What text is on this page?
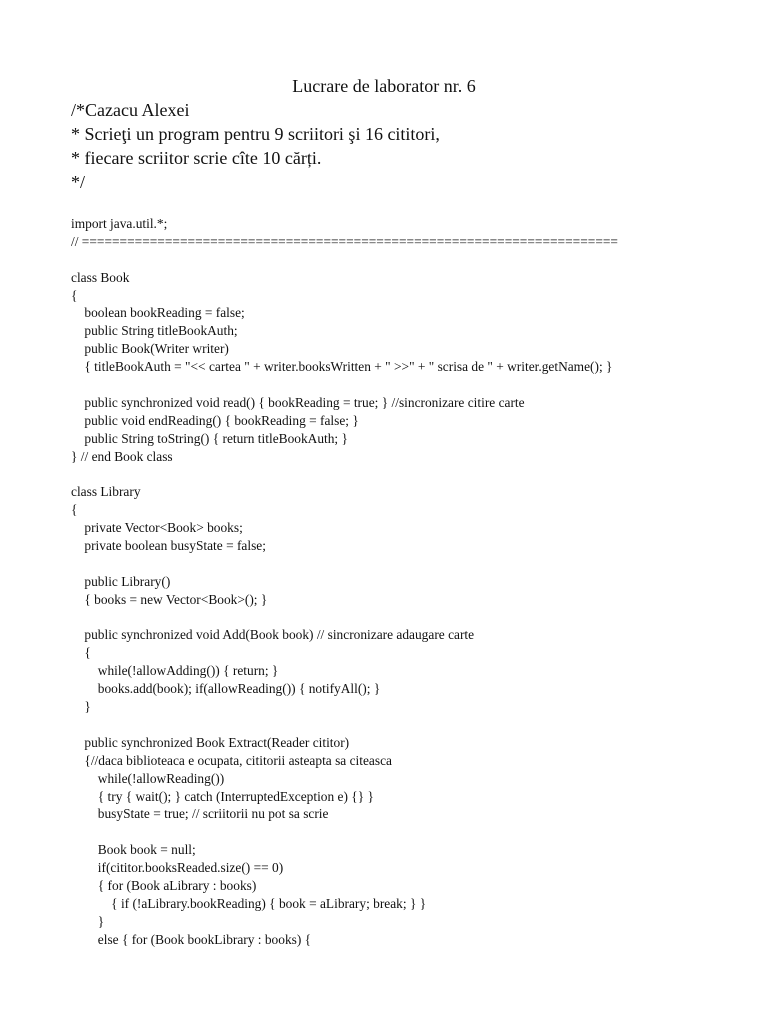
Lucrare de laborator nr. 6
/*Cazacu Alexei
* Scrieţi un program pentru 9 scriitori şi 16 cititori,
* fiecare scriitor scrie cîte 10 cărți.
*/
import java.util.*;
// =======================================================================
class Book
{
boolean bookReading = false;
public String titleBookAuth;
public Book(Writer writer)
{ titleBookAuth = "<< cartea " + writer.booksWritten + " >>" + " scrisa de " + writer.getName(); }
public synchronized void read() { bookReading = true; } //sincronizare citire carte
public void endReading() { bookReading = false; }
public String toString() { return titleBookAuth; }
} // end Book class
class Library
{
private Vector<Book> books;
private boolean busyState = false;
public Library()
{ books = new Vector<Book>(); }
public synchronized void Add(Book book) // sincronizare adaugare carte
{
while(!allowAdding()) { return; }
books.add(book); if(allowReading()) { notifyAll(); }
}
public synchronized Book Extract(Reader cititor)
{//daca biblioteaca e ocupata, cititorii asteapta sa citeasca
while(!allowReading())
{ try { wait(); } catch (InterruptedException e) {} }
busyState = true; // scriitorii nu pot sa scrie
Book book = null;
if(cititor.booksReaded.size() == 0)
{ for (Book aLibrary : books)
{ if (!aLibrary.bookReading) { book = aLibrary; break; } }
}
else { for (Book bookLibrary : books) {
